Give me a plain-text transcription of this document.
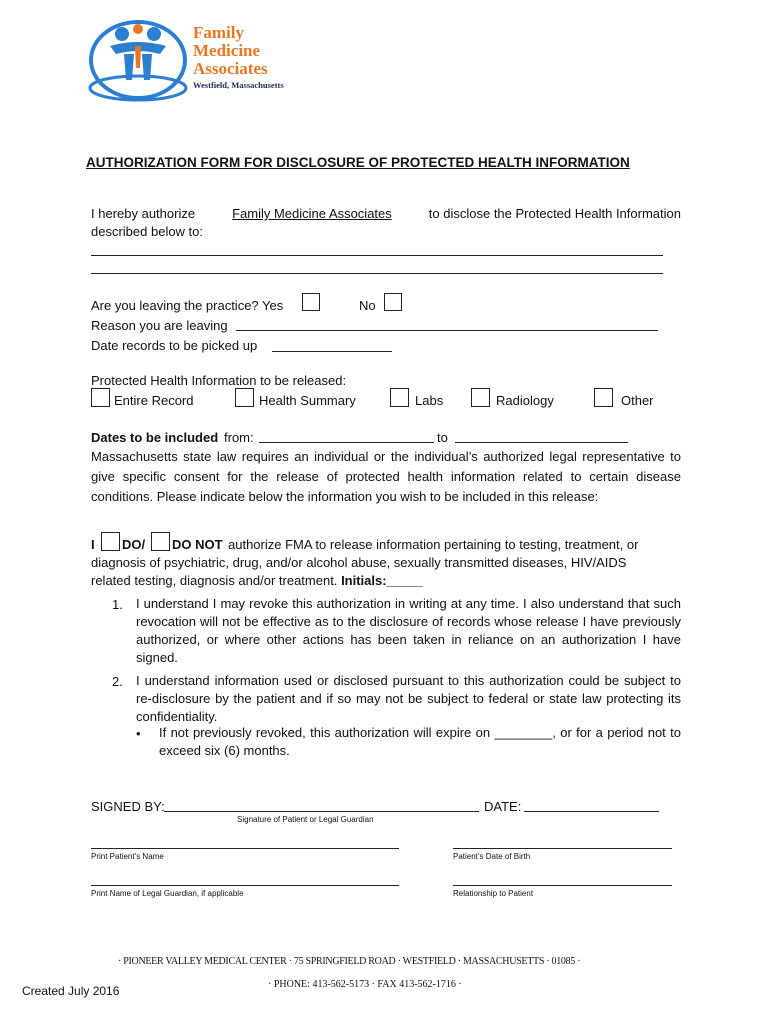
Family
Medicine
Associates
Westfield, Massachusetts
AUTHORIZATION FORM FOR DISCLOSURE OF PROTECTED HEALTH INFORMATION
I hereby authorize	Family Medicine Associates	to disclose the Protected Health Information
described below to:
Are you leaving the practice? Yes	No
Reason you are leaving
Date records to be picked up
Protected Health Information to be released:
Entire Record	Health Summary	Labs	Radiology	Other
Dates to be included from:	to
Massachusetts state law requires an individual or the individual’s authorized legal representative to give specific consent for the release of protected health information related to certain disease conditions. Please indicate below the information you wish to be included in this release:
I DO/ DO NOT authorize FMA to release information pertaining to testing, treatment, or
diagnosis of psychiatric, drug, and/or alcohol abuse, sexually transmitted diseases, HIV/AIDS
related testing, diagnosis and/or treatment. Initials:_____
1. I understand I may revoke this authorization in writing at any time. I also understand that such revocation will not be effective as to the disclosure of records whose release I have previously authorized, or where other actions has been taken in reliance on an authorization I have signed.
2. I understand information used or disclosed pursuant to this authorization could be subject to re-disclosure by the patient and if so may not be subject to federal or state law protecting its confidentiality.
• If not previously revoked, this authorization will expire on ________, or for a period not to exceed six (6) months.
SIGNED BY:	DATE:
Signature of Patient or Legal Guardian
Print Patient’s Name	Patient’s Date of Birth
Print Name of Legal Guardian, if applicable	Relationship to Patient
· PIONEER VALLEY MEDICAL CENTER · 75 SPRINGFIELD ROAD · WESTFIELD · MASSACHUSETTS · 01085 ·
· PHONE: 413-562-5173 · FAX 413-562-1716 ·
Created July 2016
